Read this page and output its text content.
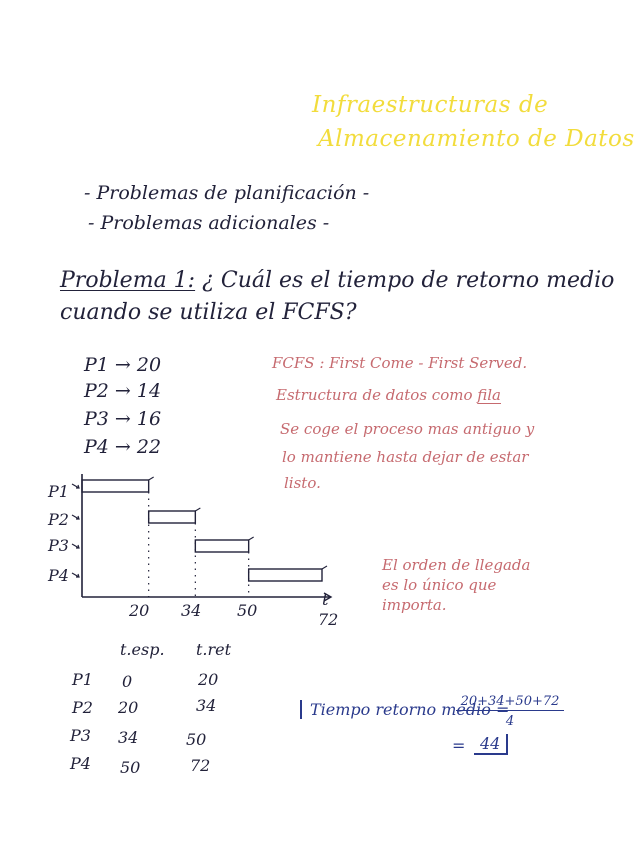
Infraestructuras de
Almacenamiento de Datos
- Problemas de planificación -
- Problemas adicionales -
Problema 1: ¿ Cuál es el tiempo de retorno medio
cuando se utiliza el FCFS?
P1 → 20
P2 → 14
P3 → 16
P4 → 22
FCFS : First Come - First Served.
Estructura de datos como fila
Se coge el proceso mas antiguo y
lo mantiene hasta dejar de estar
listo.
El orden de llegada
es lo único que
importa.
P1
P2
P3
P4
20 34 50	72
t
t.esp. t.ret
P1 0	20
P2 20	34
P3 34	50
P4 50	72
Tiempo retorno medio =
20+34+50+72
4
= 44
